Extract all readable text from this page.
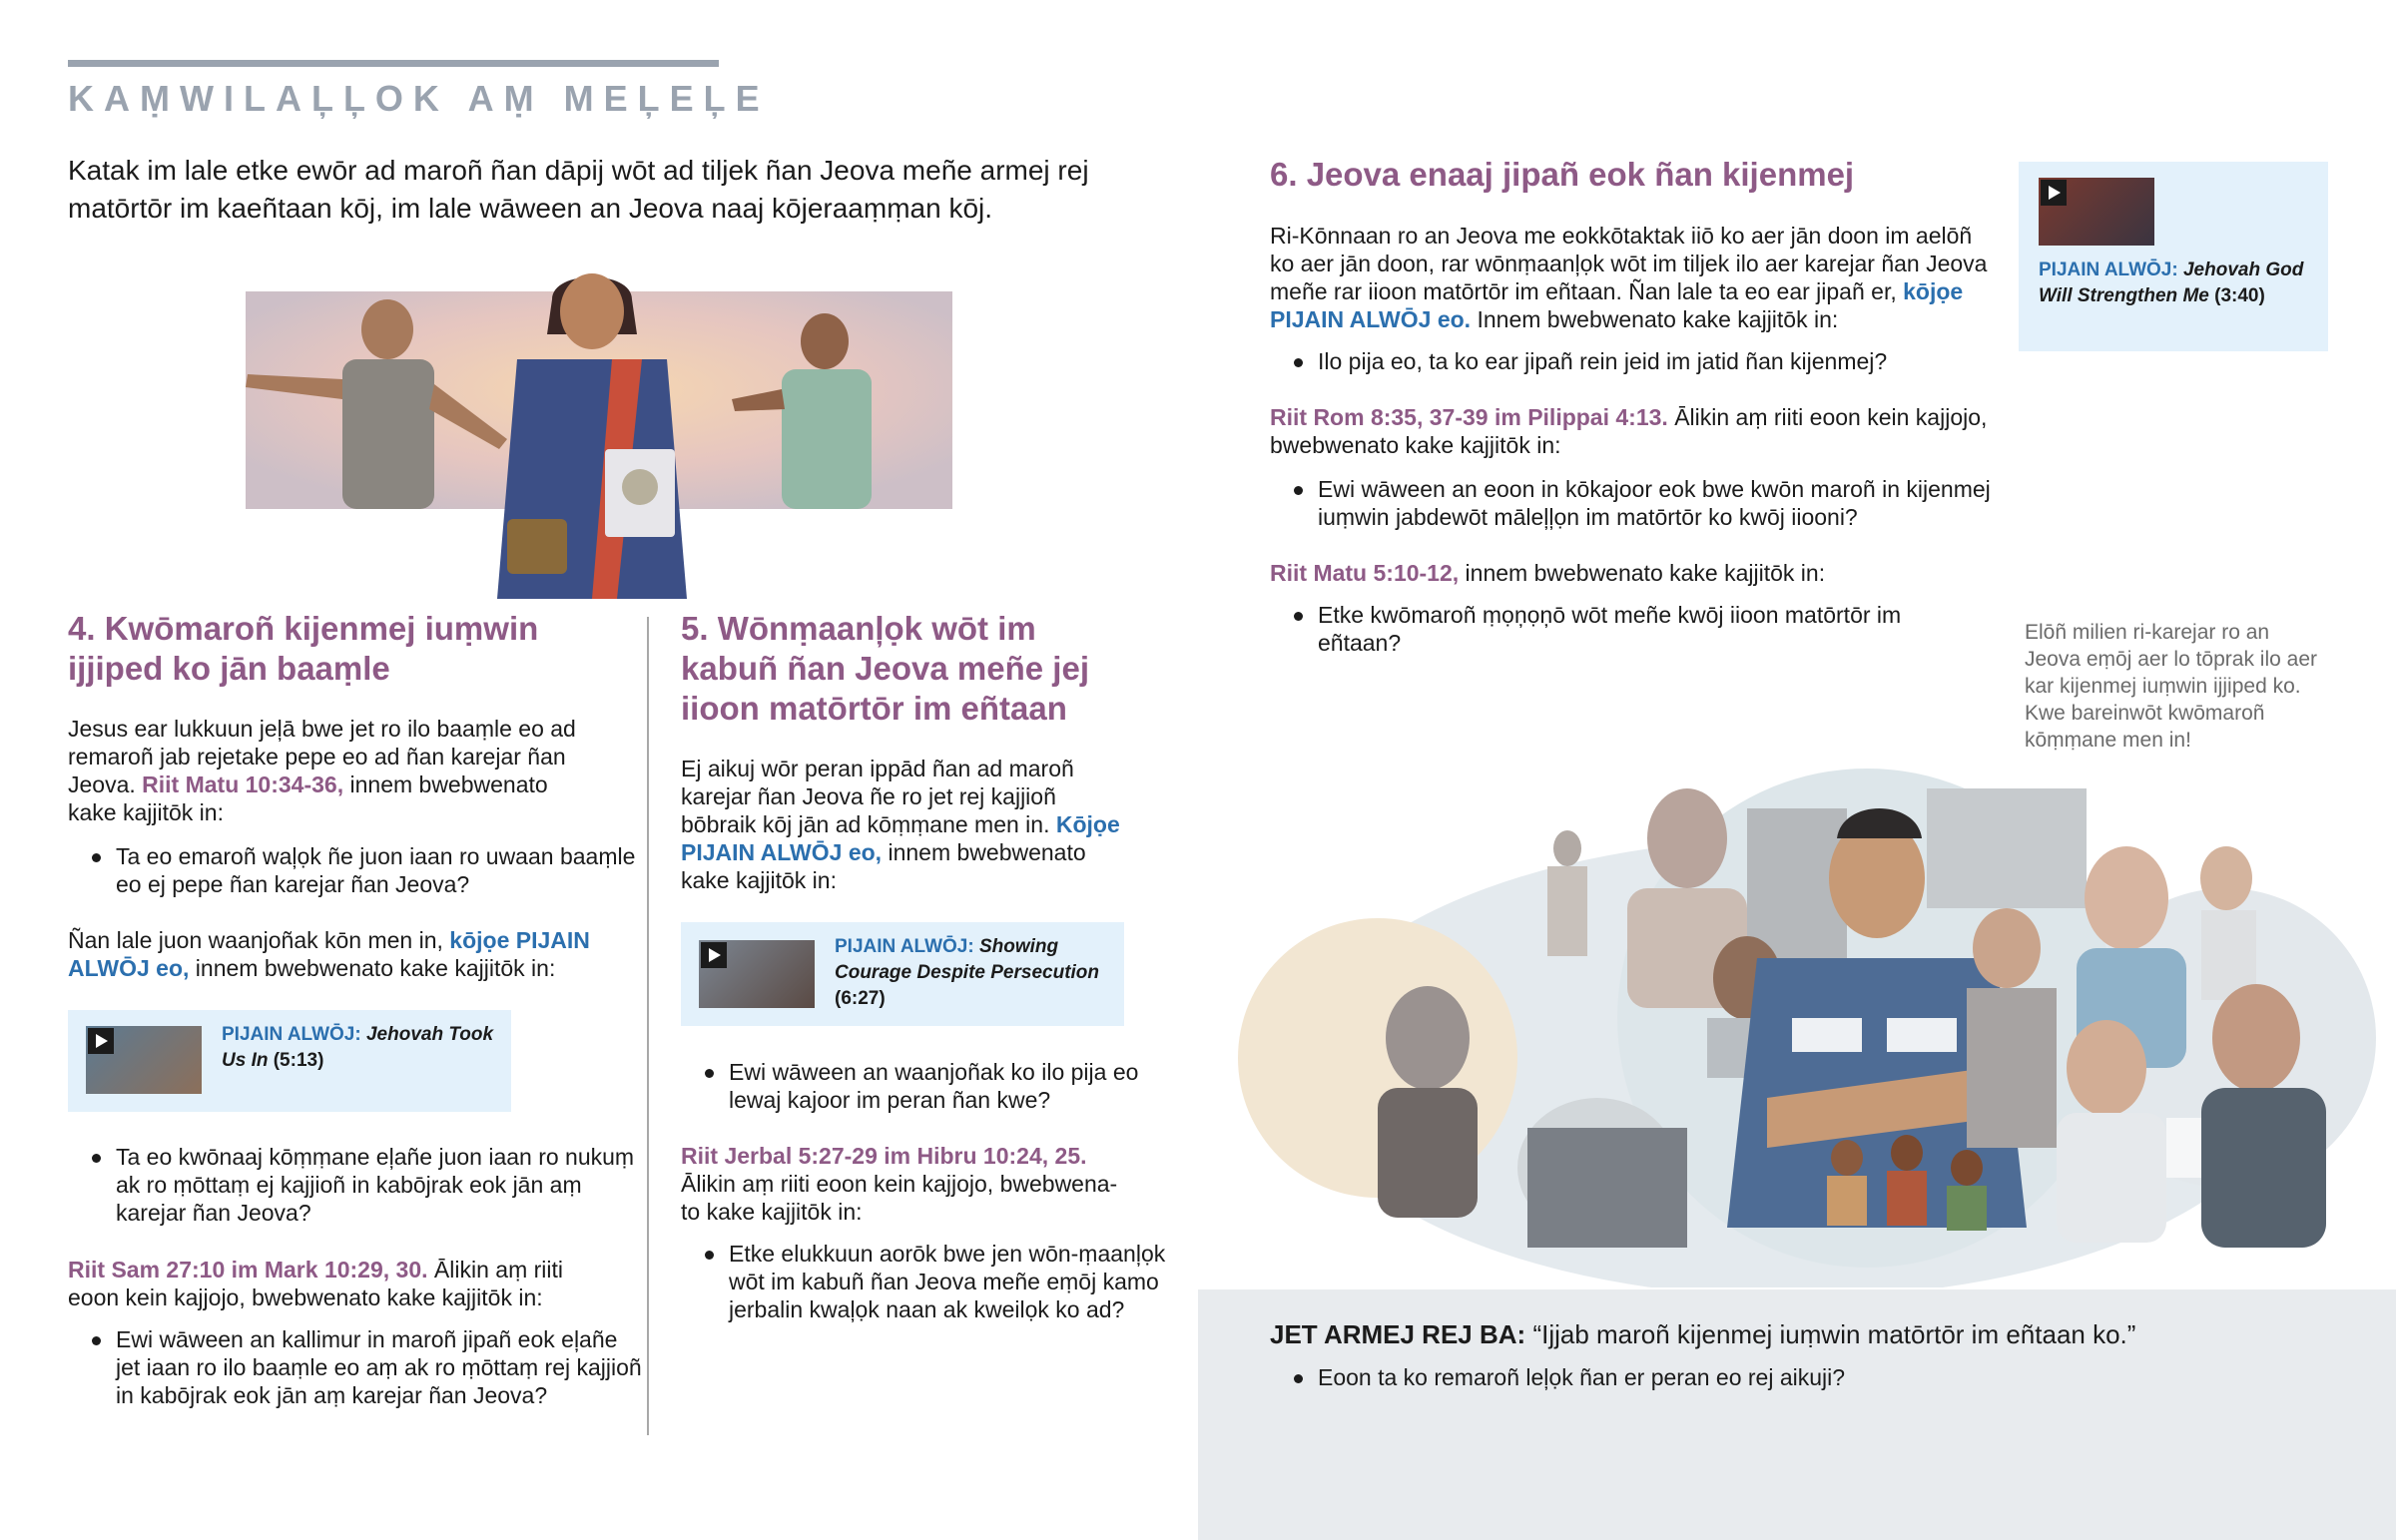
KAṂWILAĻĻOK AṂ MEĻEĻE
Katak im lale etke ewōr ad maroñ ñan dāpij wōt ad tiljek ñan Jeova meñe armej rej matōrtōr im kaeñtaan kōj, im lale wāween an Jeova naaj kōjeraaṃṃan kōj.
4. Kwōmaroñ kijenmej iuṃwin ijjiped ko jān baaṃle
Jesus ear lukkuun jeļā bwe jet ro ilo baaṃle eo ad remaroñ jab rejetake pepe eo ad ñan karejar ñan Jeova. Riit Matu 10:34-36, innem bwebwenato kake kajjitōk in:
Ta eo emaroñ waļọk ñe juon iaan ro uwaan baaṃle eo ej pepe ñan karejar ñan Jeova?
Ñan lale juon waanjoñak kōn men in, kōjọe PIJAIN ALWŌJ eo, innem bwebwenato kake kajjitōk in:
PIJAIN ALWŌJ: Jehovah Took Us In (5:13)
Ta eo kwōnaaj kōṃṃane eļañe juon iaan ro nukuṃ ak ro ṃōttaṃ ej kajjioñ in kabōjrak eok jān aṃ karejar ñan Jeova?
Riit Sam 27:10 im Mark 10:29, 30. Ālikin aṃ riiti eoon kein kajjojo, bwebwenato kake kajjitōk in:
Ewi wāween an kallimur in maroñ jipañ eok eļañe jet iaan ro ilo baaṃle eo aṃ ak ro ṃōttaṃ rej kajjioñ in kabōjrak eok jān aṃ karejar ñan Jeova?
5. Wōnṃaanļọk wōt im kabuñ ñan Jeova meñe jej iioon matōrtōr im eñtaan
Ej aikuj wōr peran ippād ñan ad maroñ karejar ñan Jeova ñe ro jet rej kajjioñ bōbraik kōj jān ad kōṃṃane men in. Kōjọe PIJAIN ALWŌJ eo, innem bwebwenato kake kajjitōk in:
PIJAIN ALWŌJ: Showing Courage Despite Persecution (6:27)
Ewi wāween an waanjoñak ko ilo pija eo lewaj kajoor im peran ñan kwe?
Riit Jerbal 5:27-29 im Hibru 10:24, 25. Ālikin aṃ riiti eoon kein kajjojo, bwebwena-to kake kajjitōk in:
Etke elukkuun aorōk bwe jen wōn-ṃaanļọk wōt im kabuñ ñan Jeova meñe eṃōj kamo jerbalin kwaļọk naan ak kweilọk ko ad?
6. Jeova enaaj jipañ eok ñan kijenmej
Ri-Kōnnaan ro an Jeova me eokkōtaktak iiō ko aer jān doon im aelōñ ko aer jān doon, rar wōnṃaanļọk wōt im tiljek ilo aer karejar ñan Jeova meñe rar iioon matōrtōr im eñtaan. Ñan lale ta eo ear jipañ er, kōjọe PIJAIN ALWŌJ eo. Innem bwebwenato kake kajjitōk in:
Ilo pija eo, ta ko ear jipañ rein jeid im jatid ñan kijenmej?
Riit Rom 8:35, 37-39 im Pilippai 4:13. Ālikin aṃ riiti eoon kein kajjojo, bwebwenato kake kajjitōk in:
Ewi wāween an eoon in kōkajoor eok bwe kwōn maroñ in kijenmej iuṃwin jabdewōt māleļļọn im matōrtōr ko kwōj iiooni?
Riit Matu 5:10-12, innem bwebwenato kake kajjitōk in:
Etke kwōmaroñ ṃọņọņō wōt meñe kwōj iioon matōrtōr im eñtaan?
PIJAIN ALWŌJ: Jehovah God Will Strengthen Me (3:40)
Elōñ milien ri-karejar ro an Jeova eṃōj aer lo tōprak ilo aer kar kijenmej iuṃwin ijjiped ko. Kwe bareinwōt kwōmaroñ kōṃṃane men in!
JET ARMEJ REJ BA: “Ijjab maroñ kijenmej iuṃwin matōrtōr im eñtaan ko.”
Eoon ta ko remaroñ leļọk ñan er peran eo rej aikuji?
